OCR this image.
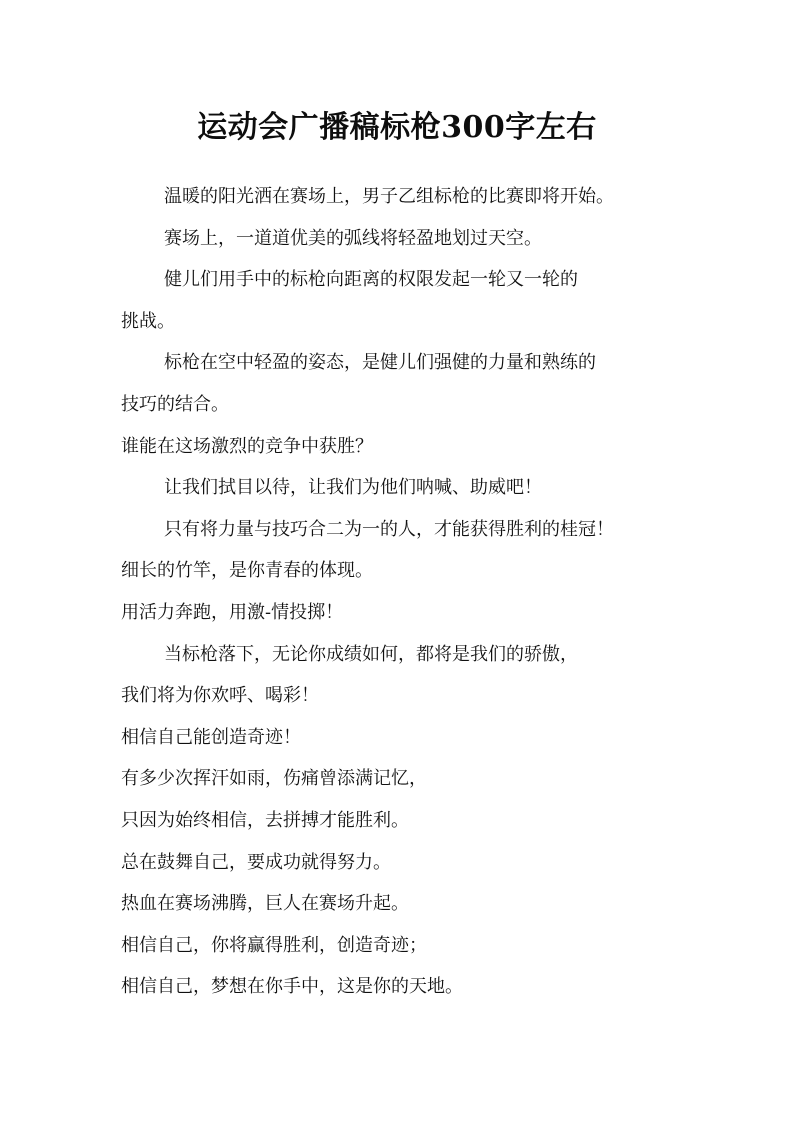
运动会广播稿标枪300字左右
温暖的阳光洒在赛场上，男子乙组标枪的比赛即将开始。
赛场上，一道道优美的弧线将轻盈地划过天空。
健儿们用手中的标枪向距离的权限发起一轮又一轮的
挑战。
标枪在空中轻盈的姿态，是健儿们强健的力量和熟练的
技巧的结合。
谁能在这场激烈的竞争中获胜？
让我们拭目以待，让我们为他们呐喊、助威吧！
只有将力量与技巧合二为一的人，才能获得胜利的桂冠！
细长的竹竿，是你青春的体现。
用活力奔跑，用激-情投掷！
当标枪落下，无论你成绩如何，都将是我们的骄傲，
我们将为你欢呼、喝彩！
相信自己能创造奇迹！
有多少次挥汗如雨，伤痛曾添满记忆，
只因为始终相信，去拼搏才能胜利。
总在鼓舞自己，要成功就得努力。
热血在赛场沸腾，巨人在赛场升起。
相信自己，你将赢得胜利，创造奇迹；
相信自己，梦想在你手中，这是你的天地。
